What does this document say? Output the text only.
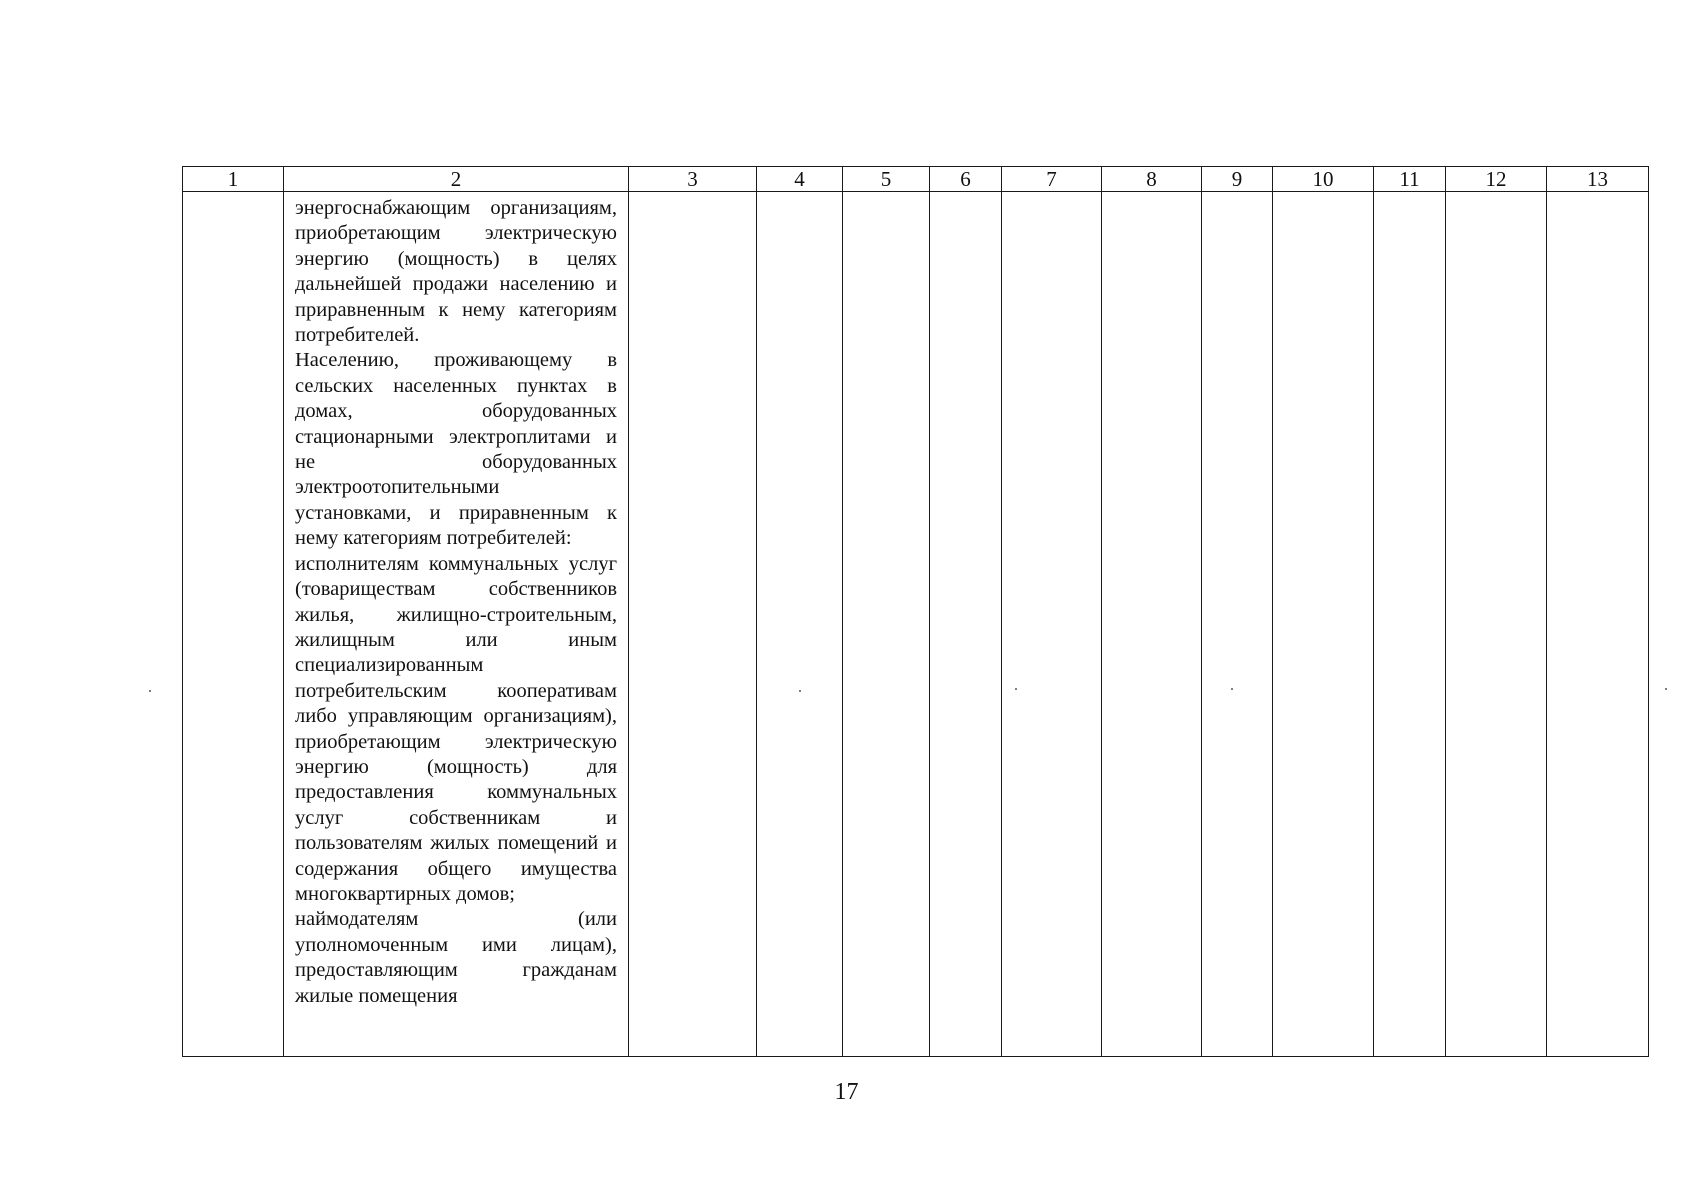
1	2	3	4	5	6	7	8	9	10	11	12	13

	энергоснабжающим организациям, приобретающим электрическую энергию (мощность) в целях дальнейшей продажи населению и приравненным к нему категориям потребителей.

Населению, проживающему в сельских населенных пунктах в домах, оборудованных стационарными электроплитами и не оборудованных электроотопительными установками, и приравненным к нему категориям потребителей:

исполнителям коммунальных услуг (товариществам собственников жилья, жилищно-строительным, жилищным или иным специализированным потребительским кооперативам либо управляющим организациям), приобретающим электрическую энергию (мощность) для предоставления коммунальных услуг собственникам и пользователям жилых помещений и содержания общего имущества многоквартирных домов;

наймодателям (или уполномоченным ими лицам), предоставляющим гражданам жилые помещения											

17
